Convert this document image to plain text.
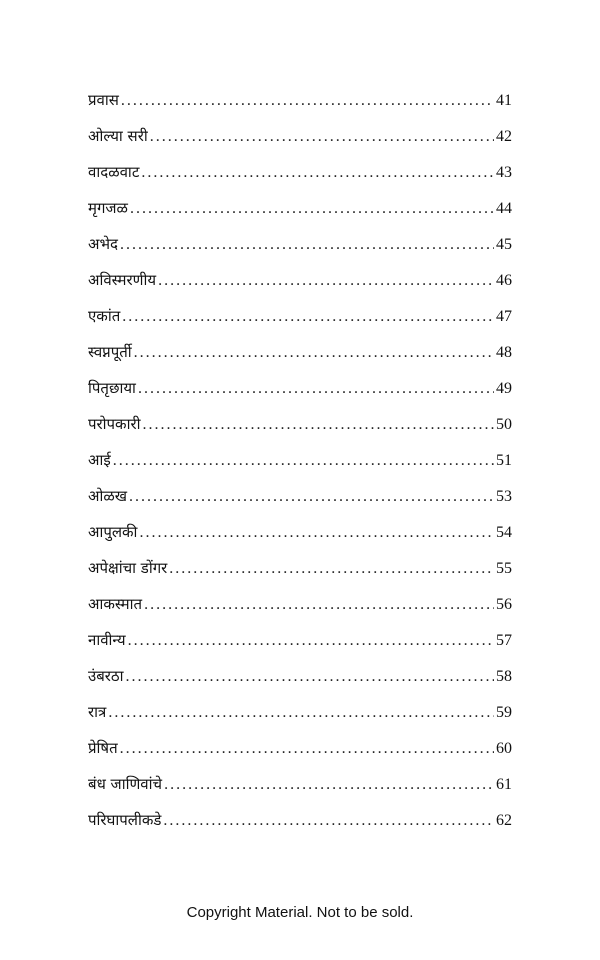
प्रवास . . .	41
ओल्या सरी . . .	42
वादळवाट . . .	43
मृगजळ . . .	44
अभेद . . .	45
अविस्मरणीय . . .	46
एकांत . . .	47
स्वप्नपूर्ती . . .	48
पितृछाया . . .	49
परोपकारी . . .	50
आई . . .	51
ओळख . . .	53
आपुलकी . . .	54
अपेक्षांचा डोंगर . . .	55
आकस्मात . . .	56
नावीन्य . . .	57
उंबरठा . . .	58
रात्र . . .	59
प्रेषित . . .	60
बंध जाणिवांचे . . .	61
परिघापलीकडे . . .	62
Copyright Material. Not to be sold.
